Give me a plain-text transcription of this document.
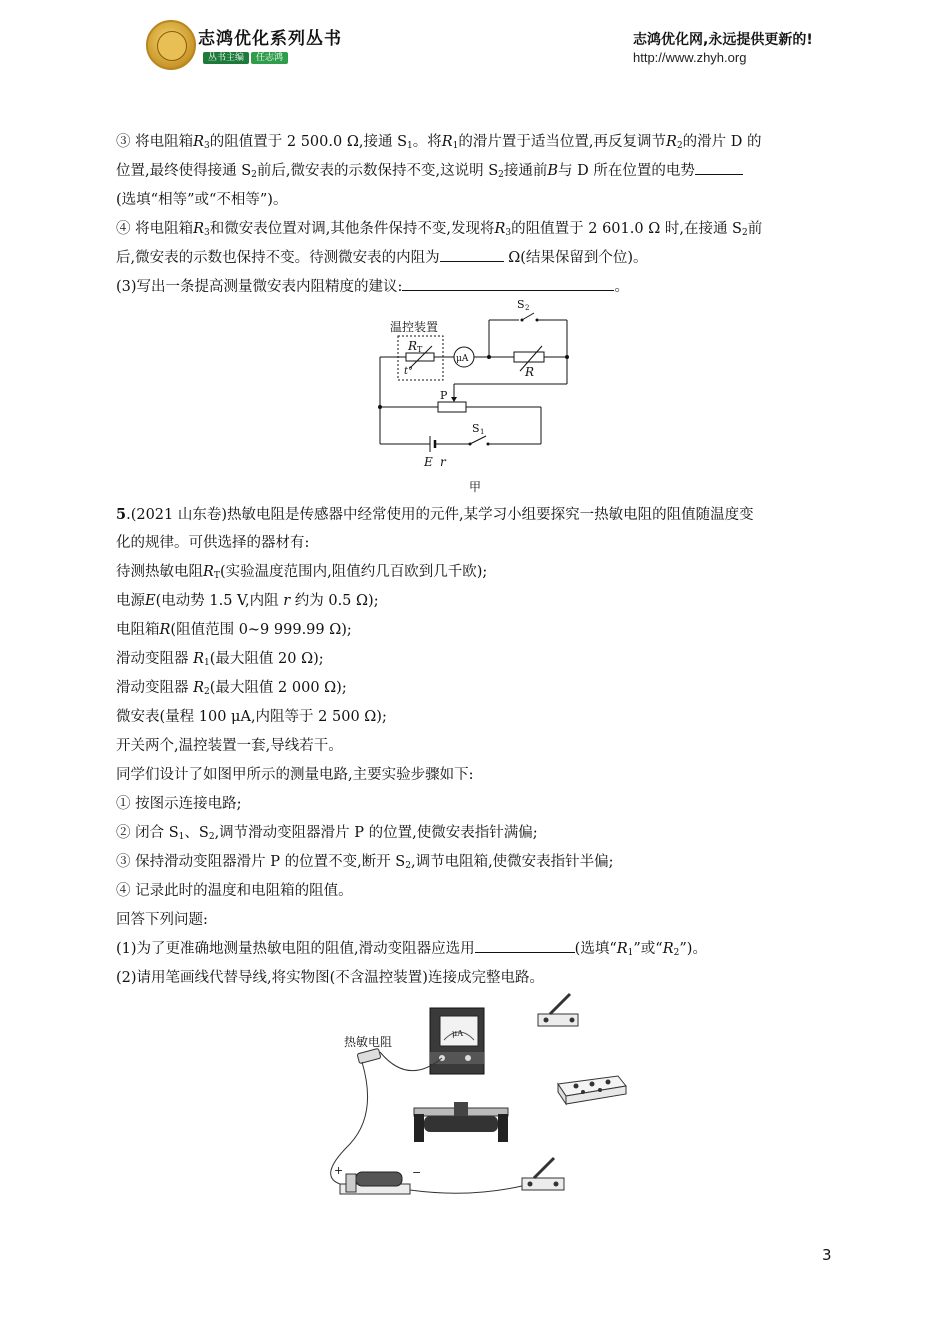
志鸿优化系列丛书
丛书主编 任志鸿
志鸿优化网,永远提供更新的!
http://www.zhyh.org
③ 将电阻箱$R_3$的阻值置于 2 500.0 Ω,接通 $S_1$。将$R_1$的滑片置于适当位置,再反复调节$R_2$的滑片 D 的
位置,最终使得接通 $S_2$前后,微安表的示数保持不变,这说明 $S_2$接通前B与 D 所在位置的电势
(选填“相等”或“不相等”)。
④ 将电阻箱$R_3$和微安表位置对调,其他条件保持不变,发现将$R_3$的阻值置于 2 601.0 Ω 时,在接通 $S_2$前
后,微安表的示数也保持不变。待测微安表的内阻为	Ω(结果保留到个位)。
(3)写出一条提高测量微安表内阻精度的建议:	。
温控装置
R T
t°
μA
R
S 2
P
S 1
E r
甲
5.(2021 山东卷)热敏电阻是传感器中经常使用的元件,某学习小组要探究一热敏电阻的阻值随温度变
化的规律。可供选择的器材有:
待测热敏电阻$R_T$(实验温度范围内,阻值约几百欧到几千欧);
电源E(电动势 1.5 V,内阻 r 约为 0.5 Ω);
电阻箱R(阻值范围 0~9 999.99 Ω);
滑动变阻器 $R_1$(最大阻值 20 Ω);
滑动变阻器 $R_2$(最大阻值 2 000 Ω);
微安表(量程 100 μA,内阻等于 2 500 Ω);
开关两个,温控装置一套,导线若干。
同学们设计了如图甲所示的测量电路,主要实验步骤如下:
① 按图示连接电路;
② 闭合 $S_1$、$S_2$,调节滑动变阻器滑片 P 的位置,使微安表指针满偏;
③ 保持滑动变阻器滑片 P 的位置不变,断开 $S_2$,调节电阻箱,使微安表指针半偏;
④ 记录此时的温度和电阻箱的阻值。
回答下列问题:
(1)为了更准确地测量热敏电阻的阻值,滑动变阻器应选用	(选填“$R_1$”或“$R_2$”)。
(2)请用笔画线代替导线,将实物图(不含温控装置)连接成完整电路。
热敏电阻
μA
+	−
3
